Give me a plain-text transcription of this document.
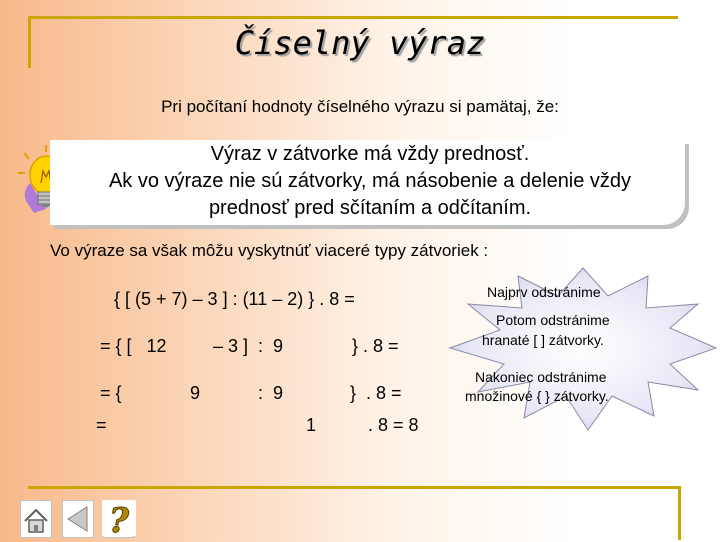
Číselný výraz
Pri počítaní hodnoty číselného výrazu si pamätaj, že:
Výraz v zátvorke má vždy prednosť.
Ak vo výraze nie sú zátvorky, má násobenie a delenie vždy
prednosť pred sčítaním a odčítaním.
Vo výraze sa však môžu vyskytnúť viaceré typy zátvoriek :
{ [ (5 + 7) – 3 ] : (11 – 2) } . 8 =
= { [   12	– 3 ]  :  9	} . 8 =
= {	9	:  9	}  . 8 =
=	1	. 8 = 8
Najprv odstránime
Potom odstránime
hranaté [ ] zátvorky.
Nakoniec odstránime
množinové { } zátvorky.
?
